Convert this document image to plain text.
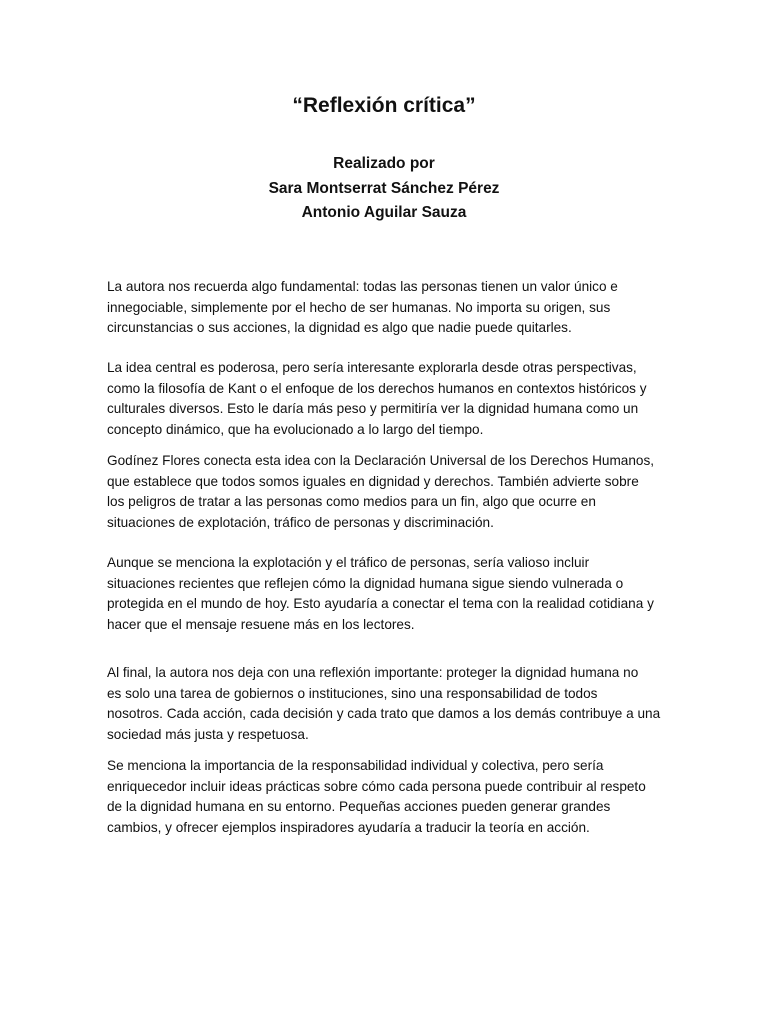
“Reflexión crítica”
Realizado por
Sara Montserrat Sánchez Pérez
Antonio Aguilar Sauza

La autora nos recuerda algo fundamental: todas las personas tienen un valor único e
innegociable, simplemente por el hecho de ser humanas. No importa su origen, sus
circunstancias o sus acciones, la dignidad es algo que nadie puede quitarles.

La idea central es poderosa, pero sería interesante explorarla desde otras perspectivas,
como la filosofía de Kant o el enfoque de los derechos humanos en contextos históricos y
culturales diversos. Esto le daría más peso y permitiría ver la dignidad humana como un
concepto dinámico, que ha evolucionado a lo largo del tiempo.

Godínez Flores conecta esta idea con la Declaración Universal de los Derechos Humanos,
que establece que todos somos iguales en dignidad y derechos. También advierte sobre
los peligros de tratar a las personas como medios para un fin, algo que ocurre en
situaciones de explotación, tráfico de personas y discriminación.

Aunque se menciona la explotación y el tráfico de personas, sería valioso incluir
situaciones recientes que reflejen cómo la dignidad humana sigue siendo vulnerada o
protegida en el mundo de hoy. Esto ayudaría a conectar el tema con la realidad cotidiana y
hacer que el mensaje resuene más en los lectores.

Al final, la autora nos deja con una reflexión importante: proteger la dignidad humana no
es solo una tarea de gobiernos o instituciones, sino una responsabilidad de todos
nosotros. Cada acción, cada decisión y cada trato que damos a los demás contribuye a una
sociedad más justa y respetuosa.

Se menciona la importancia de la responsabilidad individual y colectiva, pero sería
enriquecedor incluir ideas prácticas sobre cómo cada persona puede contribuir al respeto
de la dignidad humana en su entorno. Pequeñas acciones pueden generar grandes
cambios, y ofrecer ejemplos inspiradores ayudaría a traducir la teoría en acción.
